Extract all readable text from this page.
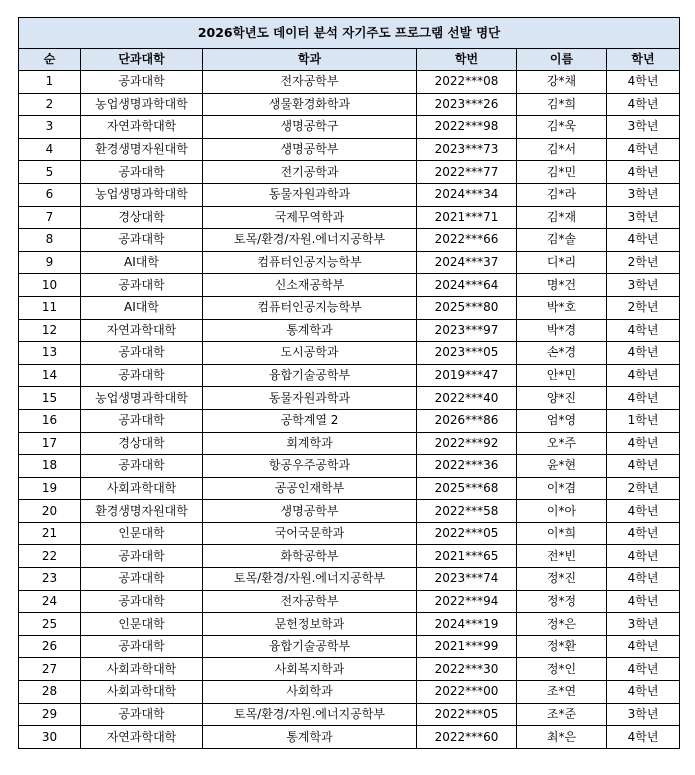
2026학년도 데이터 분석 자기주도 프로그램 선발 명단					
순	단과대학	학과	학번	이름	학년
1	공과대학	전자공학부	2022***08	강*채	4학년
2	농업생명과학대학	생물환경화학과	2023***26	김*희	4학년
3	자연과학대학	생명공학구	2022***98	김*욱	3학년
4	환경생명자원대학	생명공학부	2023***73	김*서	4학년
5	공과대학	전기공학과	2022***77	김*민	4학년
6	농업생명과학대학	동물자원과학과	2024***34	김*라	3학년
7	경상대학	국제무역학과	2021***71	김*재	3학년
8	공과대학	토목/환경/자원.에너지공학부	2022***66	김*솔	4학년
9	AI대학	컴퓨터인공지능학부	2024***37	디*리	2학년
10	공과대학	신소재공학부	2024***64	명*건	3학년
11	AI대학	컴퓨터인공지능학부	2025***80	박*호	2학년
12	자연과학대학	통계학과	2023***97	박*경	4학년
13	공과대학	도시공학과	2023***05	손*경	4학년
14	공과대학	융합기술공학부	2019***47	안*민	4학년
15	농업생명과학대학	동물자원과학과	2022***40	양*진	4학년
16	공과대학	공학계열 2	2026***86	엄*영	1학년
17	경상대학	회계학과	2022***92	오*주	4학년
18	공과대학	항공우주공학과	2022***36	윤*현	4학년
19	사회과학대학	공공인재학부	2025***68	이*겸	2학년
20	환경생명자원대학	생명공학부	2022***58	이*아	4학년
21	인문대학	국어국문학과	2022***05	이*희	4학년
22	공과대학	화학공학부	2021***65	전*빈	4학년
23	공과대학	토목/환경/자원.에너지공학부	2023***74	정*진	4학년
24	공과대학	전자공학부	2022***94	정*정	4학년
25	인문대학	문헌정보학과	2024***19	정*은	3학년
26	공과대학	융합기술공학부	2021***99	정*환	4학년
27	사회과학대학	사회복지학과	2022***30	정*인	4학년
28	사회과학대학	사회학과	2022***00	조*연	4학년
29	공과대학	토목/환경/자원.에너지공학부	2022***05	조*준	3학년
30	자연과학대학	통계학과	2022***60	최*은	4학년
